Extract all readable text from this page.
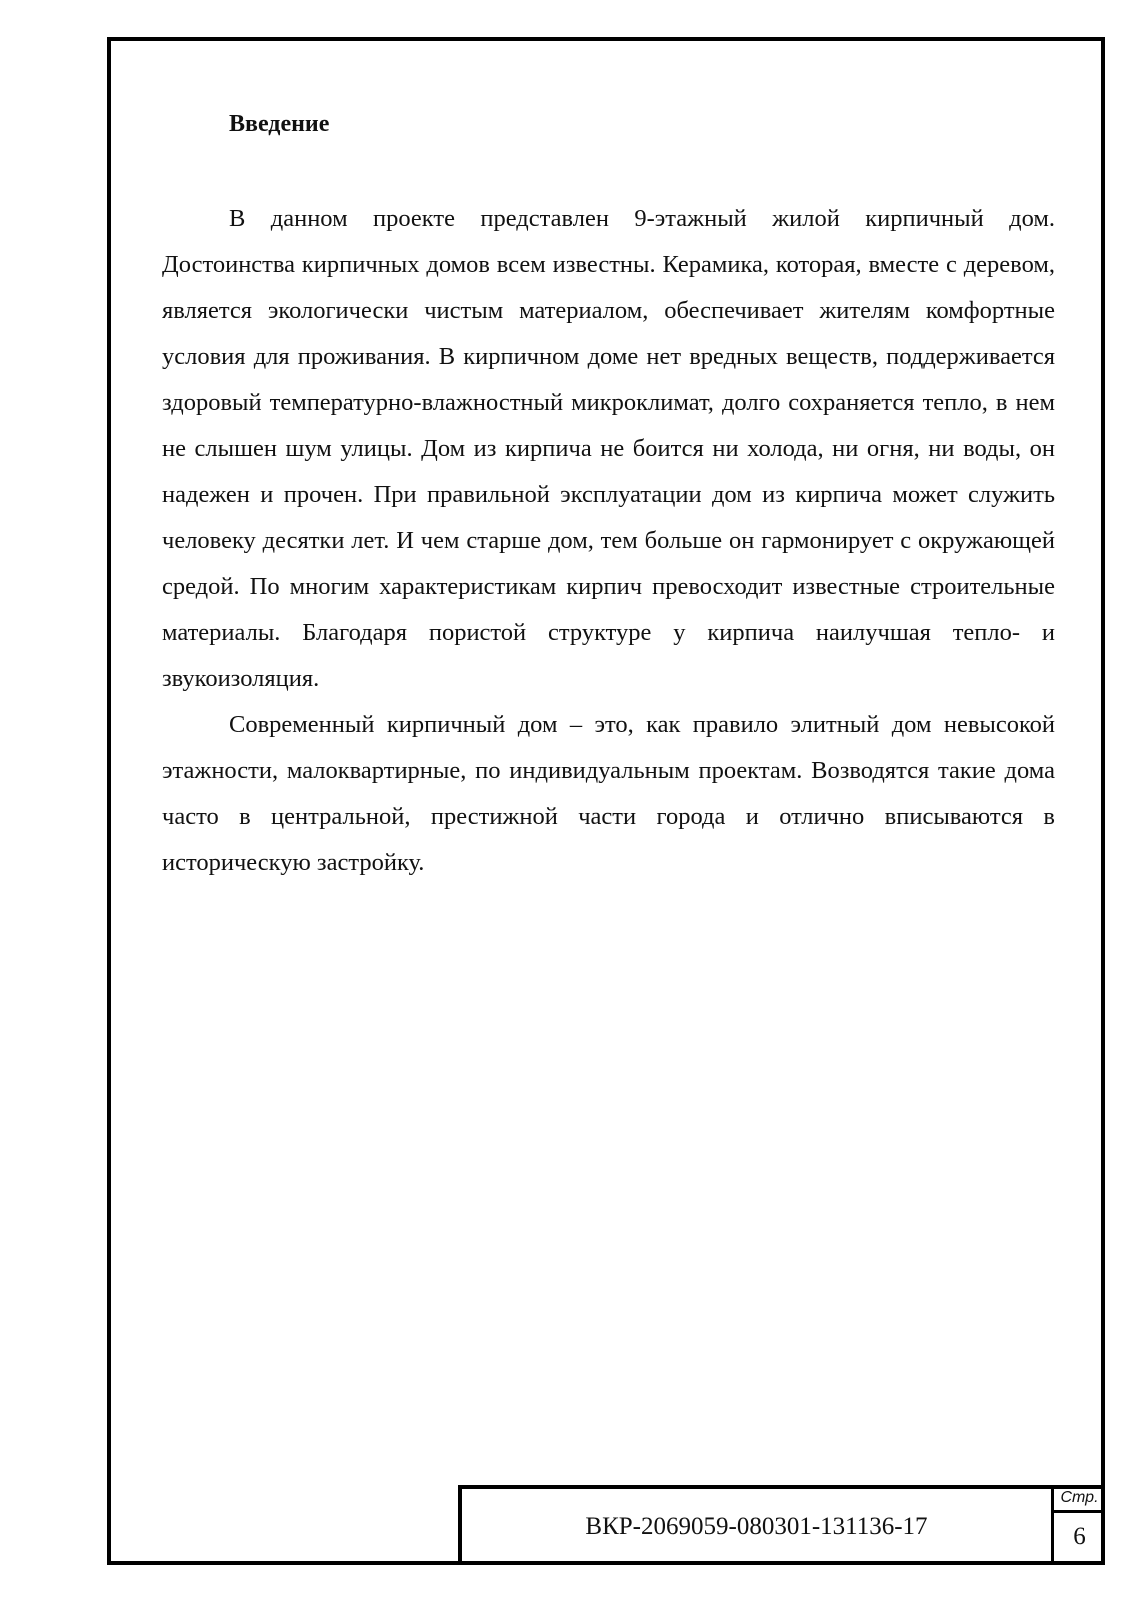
Введение

В данном проекте представлен 9-этажный жилой кирпичный дом. Достоинства кирпичных домов всем известны. Керамика, которая, вместе с деревом, является экологически чистым материалом, обеспечивает жителям комфортные условия для проживания. В кирпичном доме нет вредных веществ, поддерживается здоровый температурно-влажностный микроклимат, долго сохраняется тепло, в нем не слышен шум улицы. Дом из кирпича не боится ни холода, ни огня, ни воды, он надежен и прочен. При правильной эксплуатации дом из кирпича может служить человеку десятки лет. И чем старше дом, тем больше он гармонирует с окружающей средой. По многим характеристикам кирпич превосходит известные строительные материалы. Благодаря пористой структуре у кирпича наилучшая тепло- и звукоизоляция.

Современный кирпичный дом – это, как правило элитный дом невысокой этажности, малоквартирные, по индивидуальным проектам. Возводятся такие дома часто в центральной, престижной части города и отлично вписываются в историческую застройку.

ВКР-2069059-080301-131136-17
Стр.
6
